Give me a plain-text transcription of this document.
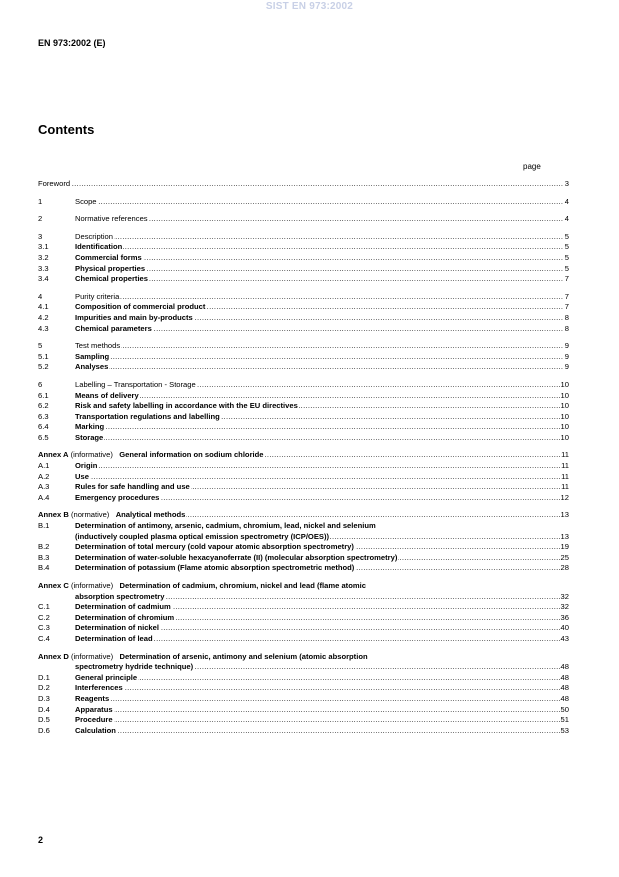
SIST EN 973:2002
EN 973:2002 (E)
Contents
page
.....
Foreword	3
.....
1	Scope	4
.....
2	Normative references	4
.....
3	Description	5
.....
3.1	Identification	5
.....
3.2	Commercial forms	5
.....
3.3	Physical properties	5
.....
3.4	Chemical properties	7
.....
4	Purity criteria	7
.....
4.1	Composition of commercial product	7
.....
4.2	Impurities and main by-products	8
.....
4.3	Chemical parameters	8
.....
5	Test methods	9
.....
5.1	Sampling	9
.....
5.2	Analyses	9
.....
6	Labelling – Transportation - Storage	10
.....
6.1	Means of delivery	10
.....
6.2	Risk and safety labelling in accordance with the EU directives	10
.....
6.3	Transportation regulations and labelling	10
.....
6.4	Marking	10
.....
6.5	Storage	10
.....
Annex A (informative) General information on sodium chloride	11
.....
A.1	Origin	11
.....
A.2	Use	11
.....
A.3	Rules for safe handling and use	11
.....
A.4	Emergency procedures	12
.....
Annex B (normative) Analytical methods	13
B.1	Determination of antimony, arsenic, cadmium, chromium, lead, nickel and selenium
.....
(inductively coupled plasma optical emission spectrometry (ICP/OES))	13
.....
B.2	Determination of total mercury (cold vapour atomic absorption spectrometry)	19
.....
B.3	Determination of water-soluble hexacyanoferrate (II) (molecular absorption spectrometry)	25
.....
B.4	Determination of potassium (Flame atomic absorption spectrometric method)	28
Annex C (informative) Determination of cadmium, chromium, nickel and lead (flame atomic
.....
absorption spectrometry	32
.....
C.1	Determination of cadmium	32
.....
C.2	Determination of chromium	36
.....
C.3	Determination of nickel	40
.....
C.4	Determination of lead	43
Annex D (informative) Determination of arsenic, antimony and selenium (atomic absorption
.....
spectrometry hydride technique)	48
.....
D.1	General principle	48
.....
D.2	Interferences	48
.....
D.3	Reagents	48
.....
D.4	Apparatus	50
.....
D.5	Procedure	51
.....
D.6	Calculation	53
2
